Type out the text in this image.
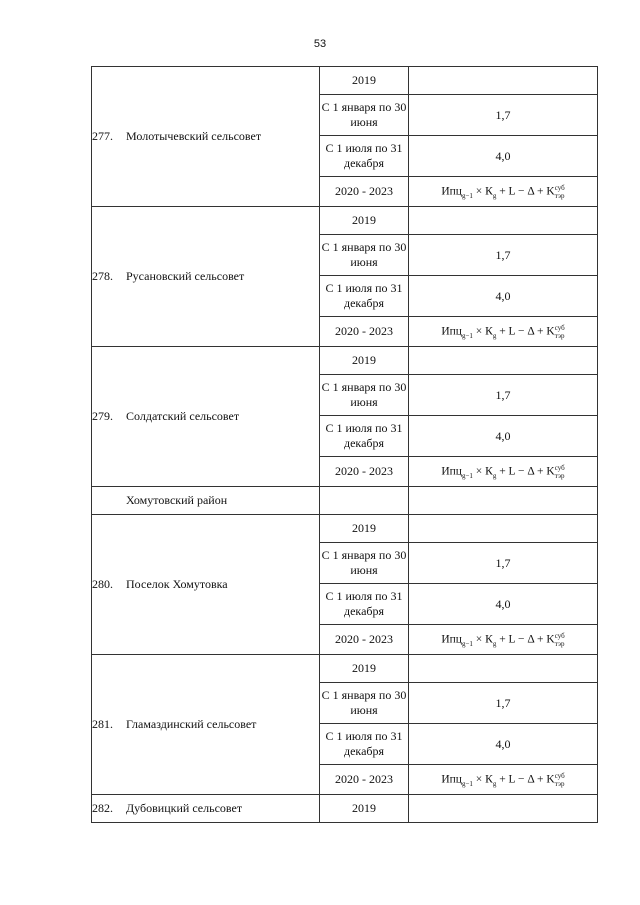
53
277. Молотычевский сельсовет	2019	
	С 1 января по 30 июня	1,7
	С 1 июля по 31 декабря	4,0
	2020 - 2023	$Ипц_{g-1} \times К_g + L - \Delta + K$ суб
тэр

278. Русановский сельсовет	2019	
	С 1 января по 30 июня	1,7
	С 1 июля по 31 декабря	4,0
	2020 - 2023	$Ипц_{g-1} \times К_g + L - \Delta + K$ суб
тэр

279. Солдатский сельсовет	2019	
	С 1 января по 30 июня	1,7
	С 1 июля по 31 декабря	4,0
	2020 - 2023	$Ипц_{g-1} \times К_g + L - \Delta + K$ суб
тэр

Хомутовский район		
280. Поселок Хомутовка	2019	
	С 1 января по 30 июня	1,7
	С 1 июля по 31 декабря	4,0
	2020 - 2023	$Ипц_{g-1} \times К_g + L - \Delta + K$ суб
тэр

281. Гламаздинский сельсовет	2019	
	С 1 января по 30 июня	1,7
	С 1 июля по 31 декабря	4,0
	2020 - 2023	$Ипц_{g-1} \times К_g + L - \Delta + K$ суб
тэр

282. Дубовицкий сельсовет	2019	
